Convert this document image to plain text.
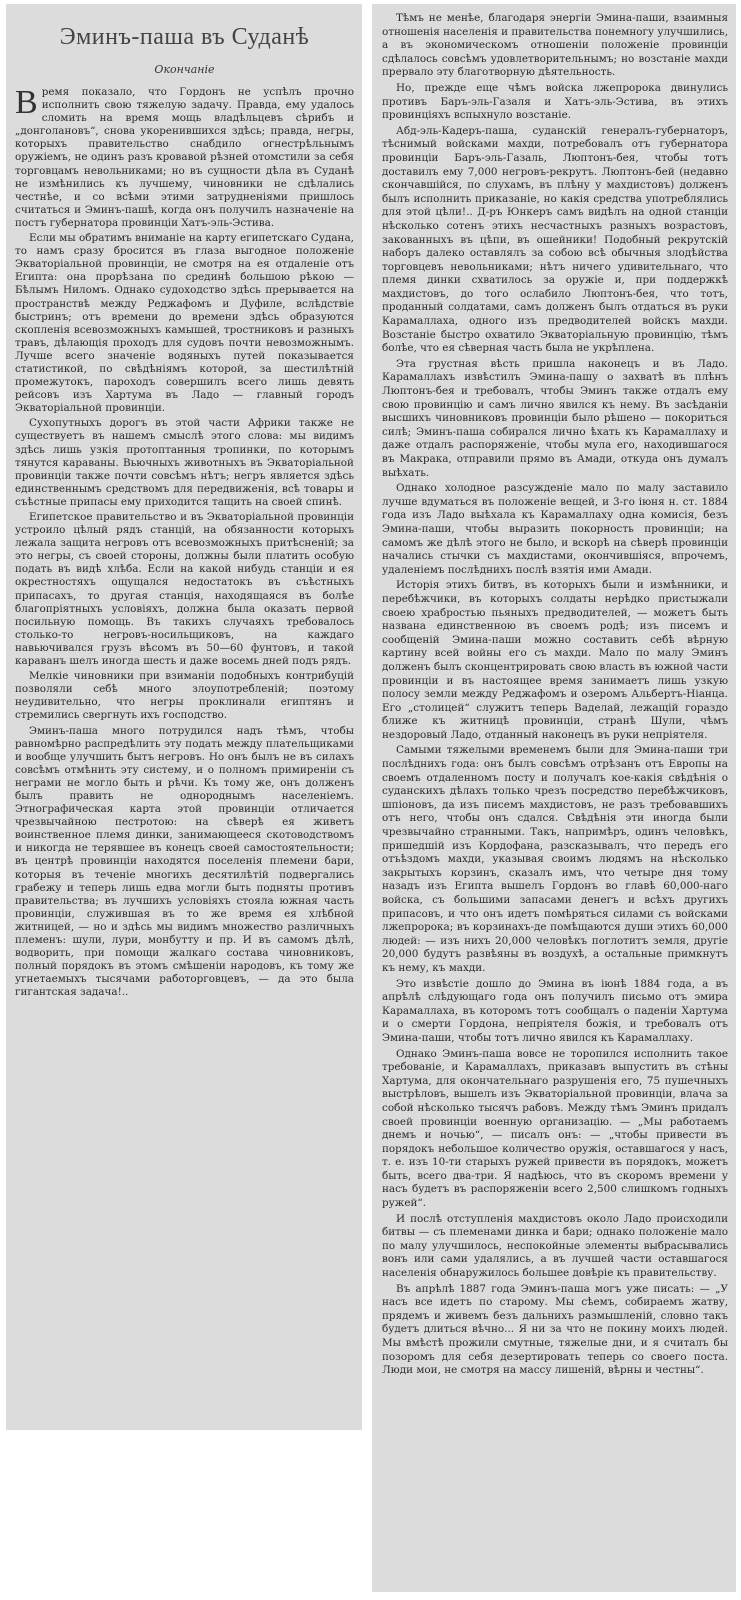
Эминъ-паша въ Суданѣ
Окончаніе

Время показало, что Гордонъ не успѣлъ прочно исполнить свою тяжелую задачу. Правда, ему удалось сломить на время мощь владѣльцевъ сѣрибъ и „донголановъ“, снова укоренившихся здѣсь; правда, негры, которыхъ правительство снабдило огнестрѣльнымъ оружіемъ, не одинъ разъ кровавой рѣзней отомстили за себя торговцамъ невольниками; но въ сущности дѣла въ Суданѣ не измѣнились къ лучшему, чиновники не сдѣлались честнѣе, и со всѣми этими затрудненіями пришлось считаться и Эминъ-пашѣ, когда онъ получилъ назначеніе на постъ губернатора провинціи Хатъ-эль-Эстива.

Если мы обратимъ вниманіе на карту египетскаго Судана, то намъ сразу бросится въ глаза выгодное положеніе Экваторіальной провинціи, не смотря на ея отдаленіе отъ Египта: она прорѣзана по срединѣ большою рѣкою — Бѣлымъ Ниломъ. Однако судоходство здѣсь прерывается на пространствѣ между Реджафомъ и Дуфиле, вслѣдствіе быстринъ; отъ времени до времени здѣсь образуются скопленія всевозможныхъ камышей, тростниковъ и разныхъ травъ, дѣлающія проходъ для судовъ почти невозможнымъ. Лучше всего значеніе водяныхъ путей показывается статистикой, по свѣдѣніямъ которой, за шестилѣтній промежутокъ, пароходъ совершилъ всего лишь девять рейсовъ изъ Хартума въ Ладо — главный городъ Экваторіальной провинціи.

Сухопутныхъ дорогъ въ этой части Африки также не существуетъ въ нашемъ смыслѣ этого слова: мы видимъ здѣсь лишь узкія протоптанныя тропинки, по которымъ тянутся караваны. Вьючныхъ животныхъ въ Экваторіальной провинціи также почти совсѣмъ нѣтъ; негръ является здѣсь единственнымъ средствомъ для передвиженія, всѣ товары и съѣстные припасы ему приходится тащить на своей спинѣ.

Египетское правительство и въ Экваторіальной провинціи устроило цѣлый рядъ станцій, на обязанности которыхъ лежала защита негровъ отъ всевозможныхъ притѣсненій; за это негры, съ своей стороны, должны были платить особую подать въ видѣ хлѣба. Если на какой нибудь станціи и ея окрестностяхъ ощущался недостатокъ въ съѣстныхъ припасахъ, то другая станція, находящаяся въ болѣе благопріятныхъ условіяхъ, должна была оказать первой посильную помощь. Въ такихъ случаяхъ требовалось столько-то негровъ-носильщиковъ, на каждаго навьючивался грузъ вѣсомъ въ 50—60 фунтовъ, и такой караванъ шелъ иногда шесть и даже восемь дней подъ рядъ.

Мелкіе чиновники при взиманіи подобныхъ контрибуцій позволяли себѣ много злоупотребленій; поэтому неудивительно, что негры проклинали египтянъ и стремились свергнуть ихъ господство.

Эминъ-паша много потрудился надъ тѣмъ, чтобы равномѣрно распредѣлить эту подать между плательщиками и вообще улучшить бытъ негровъ. Но онъ былъ не въ силахъ совсѣмъ отмѣнить эту систему, и о полномъ примиреніи съ неграми не могло быть и рѣчи. Къ тому же, онъ долженъ былъ править не однороднымъ населеніемъ. Этнографическая карта этой провинціи отличается чрезвычайною пестротою: на сѣверѣ ея живетъ воинственное племя динки, занимающееся скотоводствомъ и никогда не терявшее въ конецъ своей самостоятельности; въ центрѣ провинціи находятся поселенія племени бари, которыя въ теченіе многихъ десятилѣтій подвергались грабежу и теперь лишь едва могли быть подняты противъ правительства; въ лучшихъ условіяхъ стояла южная часть провинціи, служившая въ то же время ея хлѣбной житницей, — но и здѣсь мы видимъ множество различныхъ племенъ: шули, лури, монбутту и пр. И въ самомъ дѣлѣ, водворить, при помощи жалкаго состава чиновниковъ, полный порядокъ въ этомъ смѣшеніи народовъ, къ тому же угнетаемыхъ тысячами работорговцевъ, — да это была гигантская задача!..

Тѣмъ не менѣе, благодаря энергіи Эмина-паши, взаимныя отношенія населенія и правительства понемногу улучшились, а въ экономическомъ отношеніи положеніе провинціи сдѣлалось совсѣмъ удовлетворительнымъ; но возстаніе махди прервало эту благотворную дѣятельность.

Но, прежде еще чѣмъ войска лжепророка двинулись противъ Баръ-эль-Газаля и Хатъ-эль-Эстива, въ этихъ провинціяхъ вспыхнуло возстаніе.

Абд-эль-Кадеръ-паша, суданскій генералъ-губернаторъ, тѣснимый войсками махди, потребовалъ отъ губернатора провинціи Баръ-эль-Газаль, Люптонъ-бея, чтобы тотъ доставилъ ему 7,000 негровъ-рекрутъ. Люптонъ-бей (недавно скончавшійся, по слухамъ, въ плѣну у махдистовъ) долженъ былъ исполнить приказаніе, но какія средства употреблялись для этой цѣли!.. Д-ръ Юнкеръ самъ видѣлъ на одной станціи нѣсколько сотенъ этихъ несчастныхъ разныхъ возрастовъ, закованныхъ въ цѣпи, въ ошейники! Подобный рекрутскій наборъ далеко оставлялъ за собою всѣ обычныя злодѣйства торговцевъ невольниками; нѣтъ ничего удивительнаго, что племя динки схватилось за оружіе и, при поддержкѣ махдистовъ, до того ослабило Люптонъ-бея, что тотъ, проданный солдатами, самъ долженъ былъ отдаться въ руки Карамаллаха, одного изъ предводителей войскъ махди. Возстаніе быстро охватило Экваторіальную провинцію, тѣмъ болѣе, что ея сѣверная часть была не укрѣплена.

Эта грустная вѣсть пришла наконецъ и въ Ладо. Карамаллахъ извѣстилъ Эмина-пашу о захватѣ въ плѣнъ Люптонъ-бея и требовалъ, чтобы Эминъ также отдалъ ему свою провинцію и самъ лично явился къ нему. Въ засѣданіи высшихъ чиновниковъ провинціи было рѣшено — покориться силѣ; Эминъ-паша собирался лично ѣхать къ Карамаллаху и даже отдалъ распоряженіе, чтобы мула его, находившагося въ Макрака, отправили прямо въ Амади, откуда онъ думалъ выѣхать.

Однако холодное разсужденіе мало по малу заставило лучше вдуматься въ положеніе вещей, и 3-го іюня н. ст. 1884 года изъ Ладо выѣхала къ Карамаллаху одна комисія, безъ Эмина-паши, чтобы выразить покорность провинціи; на самомъ же дѣлѣ этого не было, и вскорѣ на сѣверѣ провинціи начались стычки съ махдистами, окончившіяся, впрочемъ, удаленіемъ послѣднихъ послѣ взятія ими Амади.

Исторія этихъ битвъ, въ которыхъ были и измѣнники, и перебѣжчики, въ которыхъ солдаты нерѣдко пристыжали своею храбростью пьяныхъ предводителей, — можетъ быть названа единственною въ своемъ родѣ; изъ писемъ и сообщеній Эмина-паши можно составить себѣ вѣрную картину всей войны его съ махди. Мало по малу Эминъ долженъ былъ сконцентрировать свою власть въ южной части провинціи и въ настоящее время занимаетъ лишь узкую полосу земли между Реджафомъ и озеромъ Альбертъ-Ніанца. Его „столицей“ служитъ теперь Ваделай, лежащій гораздо ближе къ житницѣ провинціи, странѣ Шули, чѣмъ нездоровый Ладо, отданный наконецъ въ руки непріятеля.

Самыми тяжелыми временемъ были для Эмина-паши три послѣднихъ года: онъ былъ совсѣмъ отрѣзанъ отъ Европы на своемъ отдаленномъ посту и получалъ кое-какія свѣдѣнія о суданскихъ дѣлахъ только чрезъ посредство перебѣжчиковъ, шпіоновъ, да изъ писемъ махдистовъ, не разъ требовавшихъ отъ него, чтобы онъ сдался. Свѣдѣнія эти иногда были чрезвычайно странными. Такъ, напримѣръ, одинъ человѣкъ, пришедшій изъ Кордофана, разсказывалъ, что передъ его отъѣздомъ махди, указывая своимъ людямъ на нѣсколько закрытыхъ корзинъ, сказалъ имъ, что четыре дня тому назадъ изъ Египта вышелъ Гордонъ во главѣ 60,000-наго войска, съ большими запасами денегъ и всѣхъ другихъ припасовъ, и что онъ идетъ помѣряться силами съ войсками лжепророка; въ корзинахъ-де помѣщаются души этихъ 60,000 людей: — изъ нихъ 20,000 человѣкъ поглотитъ земля, другіе 20,000 будутъ развѣяны въ воздухѣ, а остальные примкнутъ къ нему, къ махди.

Это извѣстіе дошло до Эмина въ іюнѣ 1884 года, а въ апрѣлѣ слѣдующаго года онъ получилъ письмо отъ эмира Карамаллаха, въ которомъ тотъ сообщалъ о паденіи Хартума и о смерти Гордона, непріятеля божія, и требовалъ отъ Эмина-паши, чтобы тотъ лично явился къ Карамаллаху.

Однако Эминъ-паша вовсе не торопился исполнить такое требованіе, и Карамаллахъ, приказавъ выпустить въ стѣны Хартума, для окончательнаго разрушенія его, 75 пушечныхъ выстрѣловъ, вышелъ изъ Экваторіальной провинціи, влача за собой нѣсколько тысячъ рабовъ. Между тѣмъ Эминъ придалъ своей провинціи военную организацію. — „Мы работаемъ днемъ и ночью“, — писалъ онъ: — „чтобы привести въ порядокъ небольшое количество оружія, оставшагося у насъ, т. е. изъ 10-ти старыхъ ружей привести въ порядокъ, можетъ быть, всего два-три. Я надѣюсь, что въ скоромъ времени у насъ будетъ въ распоряженіи всего 2,500 слишкомъ годныхъ ружей“.

И послѣ отступленія махдистовъ около Ладо происходили битвы — съ племенами динка и бари; однако положеніе мало по малу улучшилось, неспокойные элементы выбрасывались вонъ или сами удалялись, а въ лучшей части оставшагося населенія обнаружилось большее довѣріе къ правительству.

Въ апрѣлѣ 1887 года Эминъ-паша могъ уже писать: — „У насъ все идетъ по старому. Мы сѣемъ, собираемъ жатву, прядемъ и живемъ безъ дальнихъ размышленій, словно такъ будетъ длиться вѣчно... Я ни за что не покину моихъ людей. Мы вмѣстѣ прожили смутные, тяжелые дни, и я считалъ бы позоромъ для себя дезертировать теперь со своего поста. Люди мои, не смотря на массу лишеній, вѣрны и честны“.
